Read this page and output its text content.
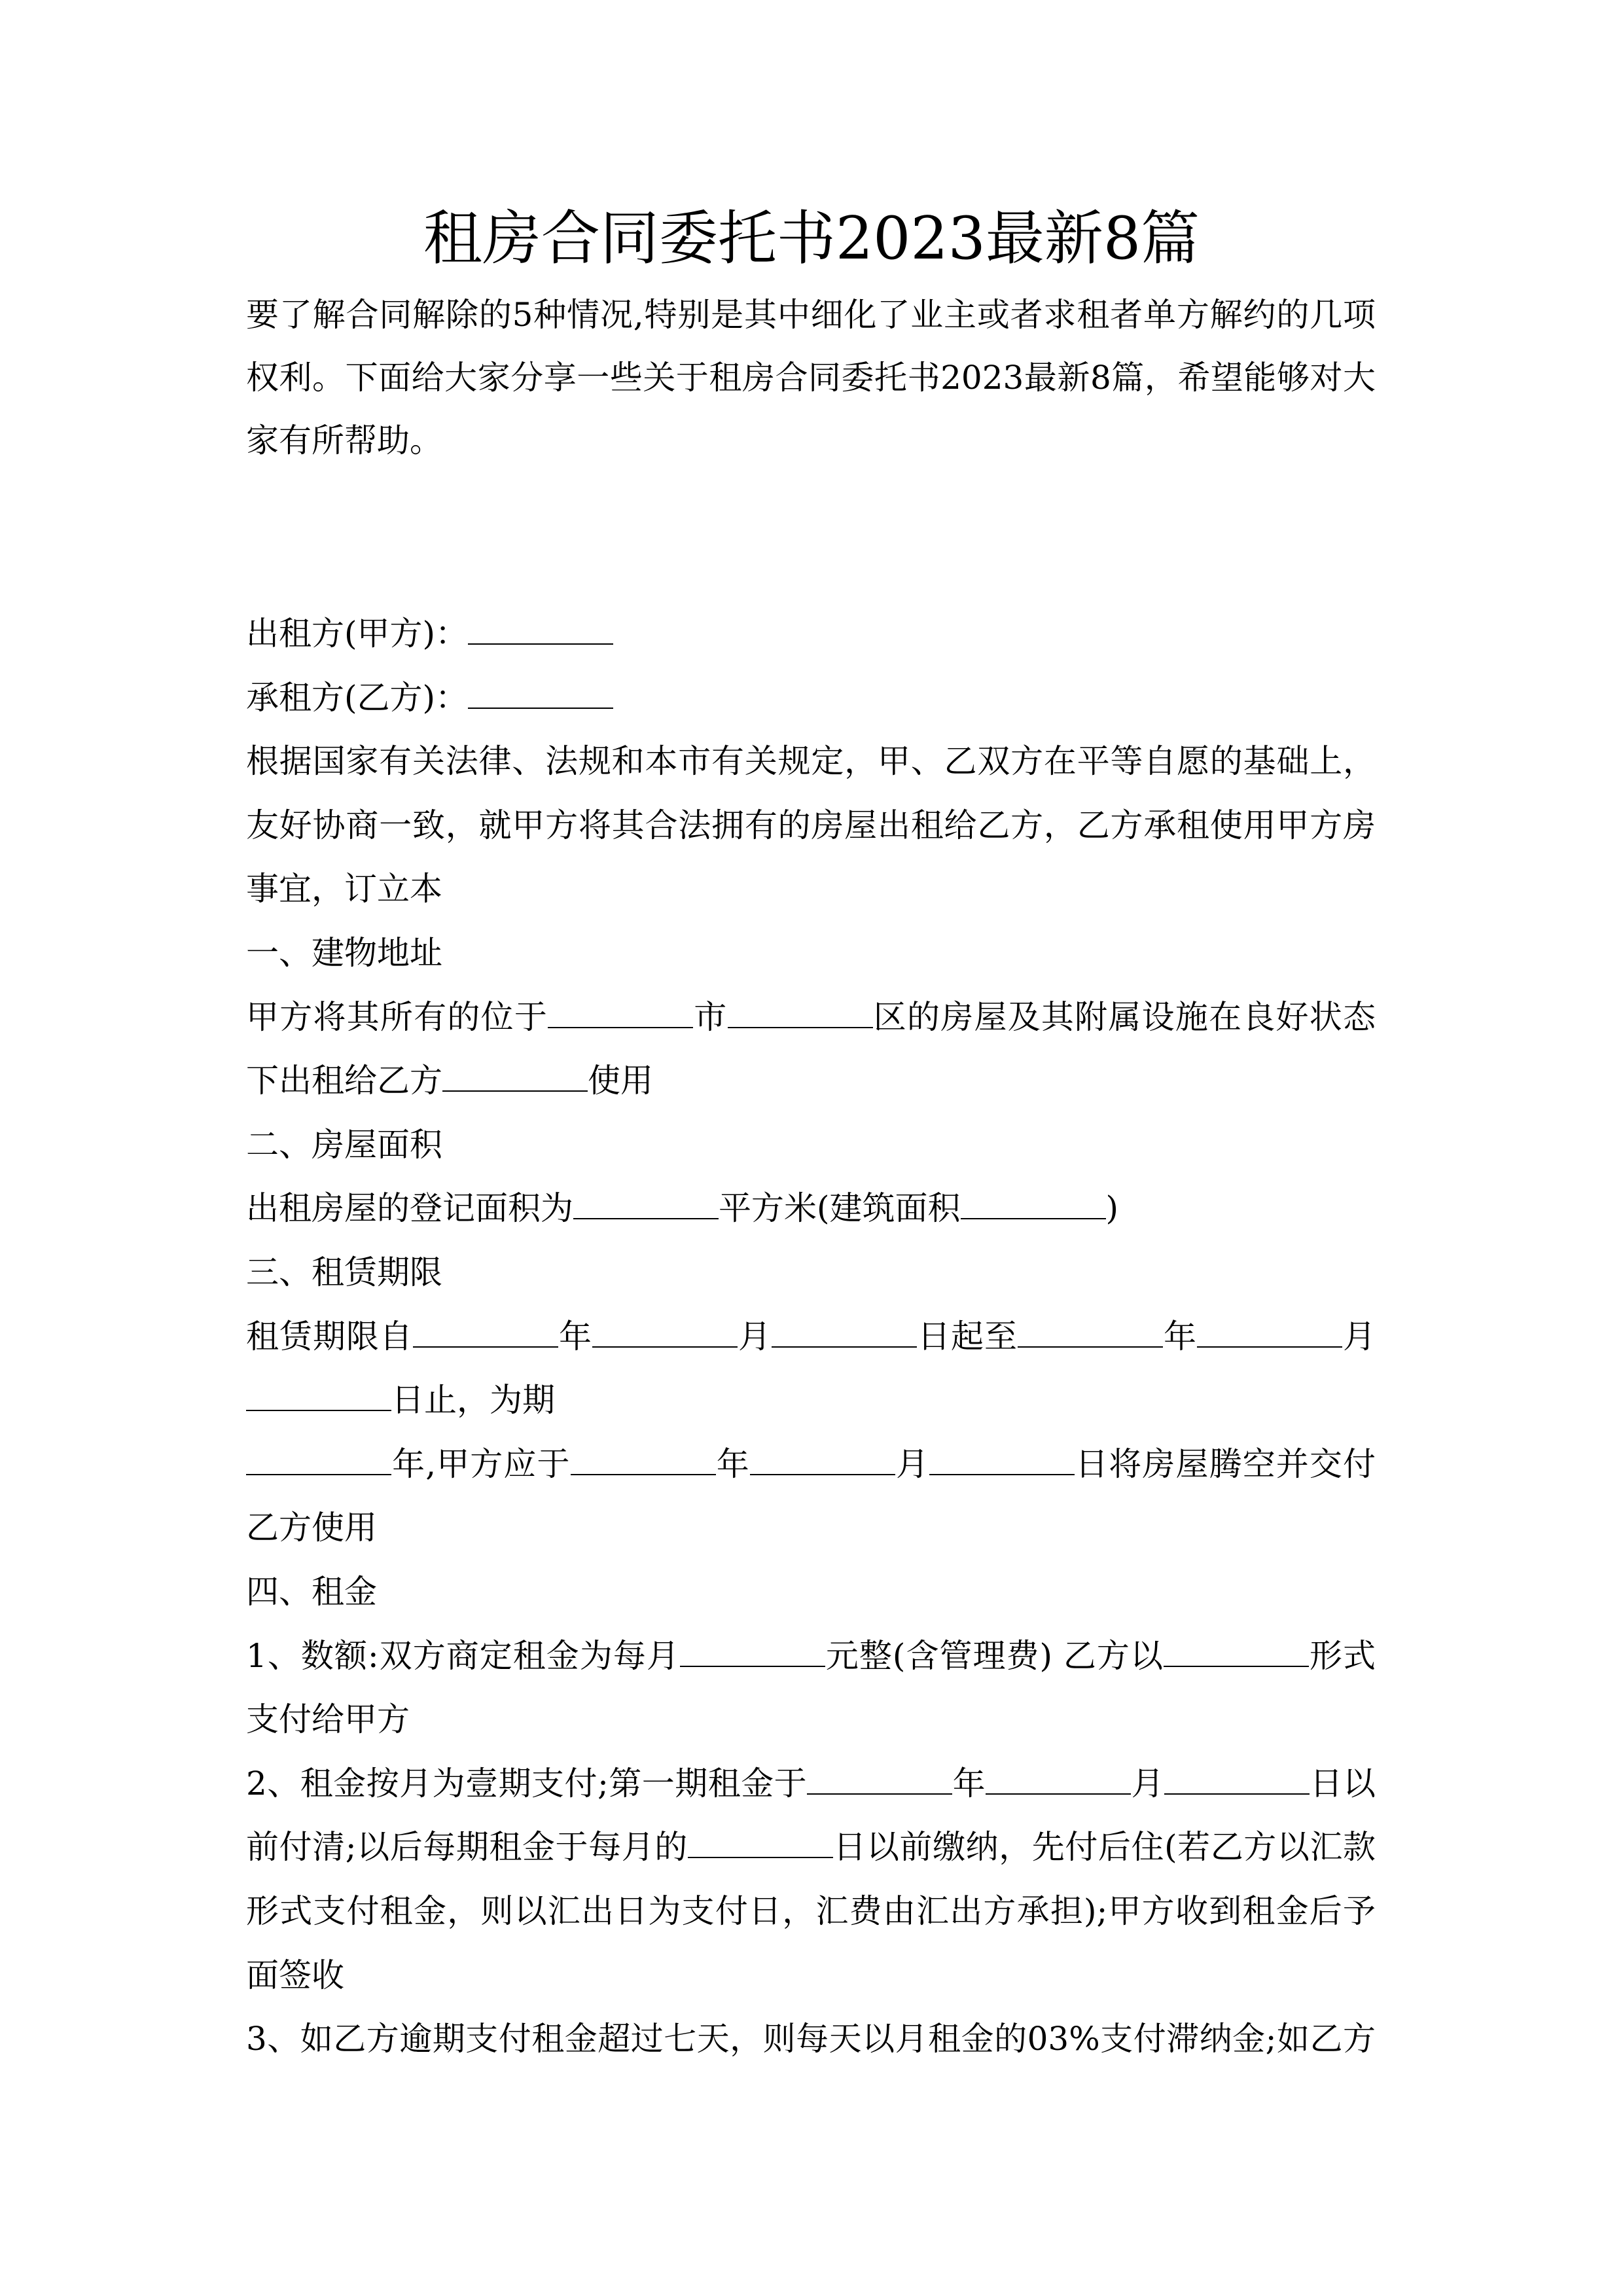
租房合同委托书2023最新8篇
要了解合同解除的5种情况,特别是其中细化了业主或者求租者单方解约的几项
权利。下面给大家分享一些关于租房合同委托书2023最新8篇，希望能够对大
家有所帮助。
出租方(甲方)：
承租方(乙方)：
根据国家有关法律、法规和本市有关规定，甲、乙双方在平等自愿的基础上，
友好协商一致，就甲方将其合法拥有的房屋出租给乙方，乙方承租使用甲方房
事宜，订立本
一、建物地址
甲方将其所有的位于	市	区的房屋及其附属设施在良好状态
下出租给乙方	使用
二、房屋面积
出租房屋的登记面积为	平方米(建筑面积	)
三、租赁期限
租赁期限自	年	月	日起至	年	月
日止，为期
年,甲方应于	年	月	日将房屋腾空并交付
乙方使用
四、租金
1、数额:双方商定租金为每月	元整(含管理费) 乙方以	形式
支付给甲方
2、租金按月为壹期支付;第一期租金于	年	月	日以
前付清;以后每期租金于每月的	日以前缴纳，先付后住(若乙方以汇款
形式支付租金，则以汇出日为支付日，汇费由汇出方承担);甲方收到租金后予
面签收
3、如乙方逾期支付租金超过七天，则每天以月租金的03%支付滞纳金;如乙方
